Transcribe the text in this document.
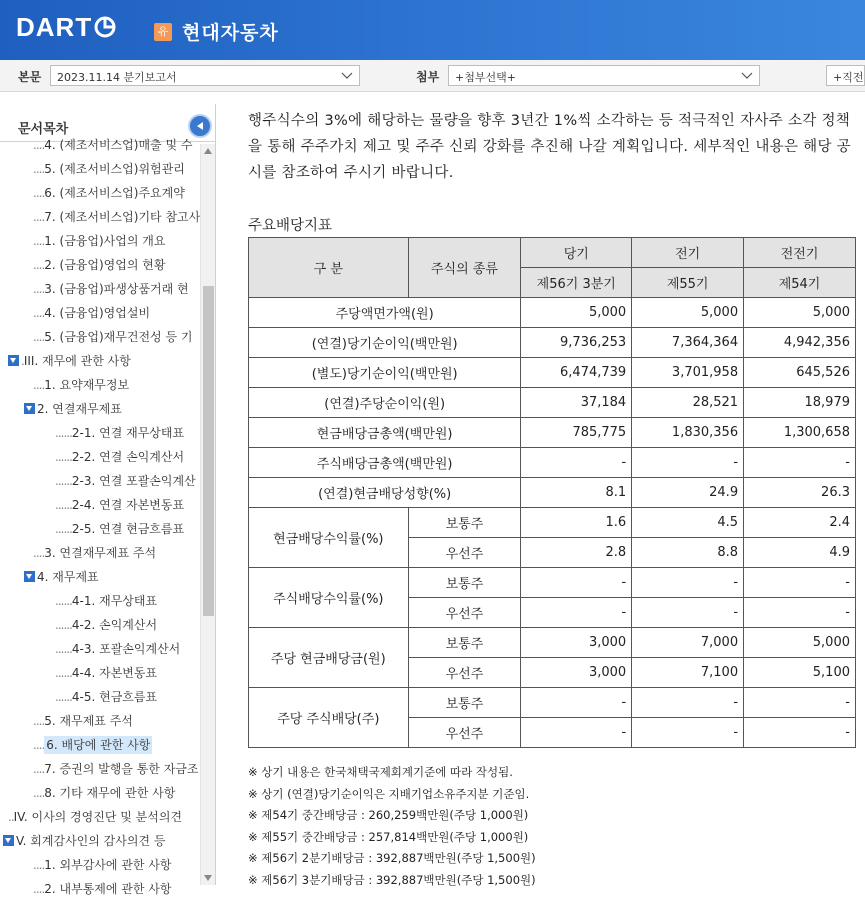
DART	유 현대자동차
본문	2023.11.14 분기보고서	첨부	+첨부선택+	+직전
문서목차
....4. (제조서비스업)매출 및 수
....5. (제조서비스업)위험관리
....6. (제조서비스업)주요계약
....7. (제조서비스업)기타 참고사
....1. (금융업)사업의 개요
....2. (금융업)영업의 현황
....3. (금융업)파생상품거래 현
....4. (금융업)영업설비
....5. (금융업)재무건전성 등 기
.III. 재무에 관한 사항
....1. 요약재무정보
2. 연결재무제표
......2-1. 연결 재무상태표
......2-2. 연결 손익계산서
......2-3. 연결 포괄손익계산
......2-4. 연결 자본변동표
......2-5. 연결 현금흐름표
....3. 연결재무제표 주석
4. 재무제표
......4-1. 재무상태표
......4-2. 손익계산서
......4-3. 포괄손익계산서
......4-4. 자본변동표
......4-5. 현금흐름표
....5. 재무제표 주석
.... 6. 배당에 관한 사항
....7. 증권의 발행을 통한 자금조
....8. 기타 재무에 관한 사항
..IV. 이사의 경영진단 및 분석의견
V. 회계감사인의 감사의견 등
....1. 외부감사에 관한 사항
....2. 내부통제에 관한 사항
행주식수의 3%에 해당하는 물량을 향후 3년간 1%씩 소각하는 등 적극적인 자사주 소각 정책을 통해 주주가치 제고 및 주주 신뢰 강화를 추진해 나갈 계획입니다. 세부적인 내용은 해당 공시를 참조하여 주시기 바랍니다.
주요배당지표
구 분	주식의 종류	당기	전기	전전기
		제56기 3분기	제55기	제54기
주당액면가액(원)		5,000	5,000	5,000
(연결)당기순이익(백만원)		9,736,253	7,364,364	4,942,356
(별도)당기순이익(백만원)		6,474,739	3,701,958	645,526
(연결)주당순이익(원)		37,184	28,521	18,979
현금배당금총액(백만원)		785,775	1,830,356	1,300,658
주식배당금총액(백만원)		-	-	-
(연결)현금배당성향(%)		8.1	24.9	26.3
현금배당수익률(%)	보통주	1.6	4.5	2.4
	우선주	2.8	8.8	4.9
주식배당수익률(%)	보통주	-	-	-
	우선주	-	-	-
주당 현금배당금(원)	보통주	3,000	7,000	5,000
	우선주	3,000	7,100	5,100
주당 주식배당(주)	보통주	-	-	-
	우선주	-	-	-
※ 상기 내용은 한국채택국제회계기준에 따라 작성됨.
※ 상기 (연결)당기순이익은 지배기업소유주지분 기준임.
※ 제54기 중간배당금 : 260,259백만원(주당 1,000원)
※ 제55기 중간배당금 : 257,814백만원(주당 1,000원)
※ 제56기 2분기배당금 : 392,887백만원(주당 1,500원)
※ 제56기 3분기배당금 : 392,887백만원(주당 1,500원)
